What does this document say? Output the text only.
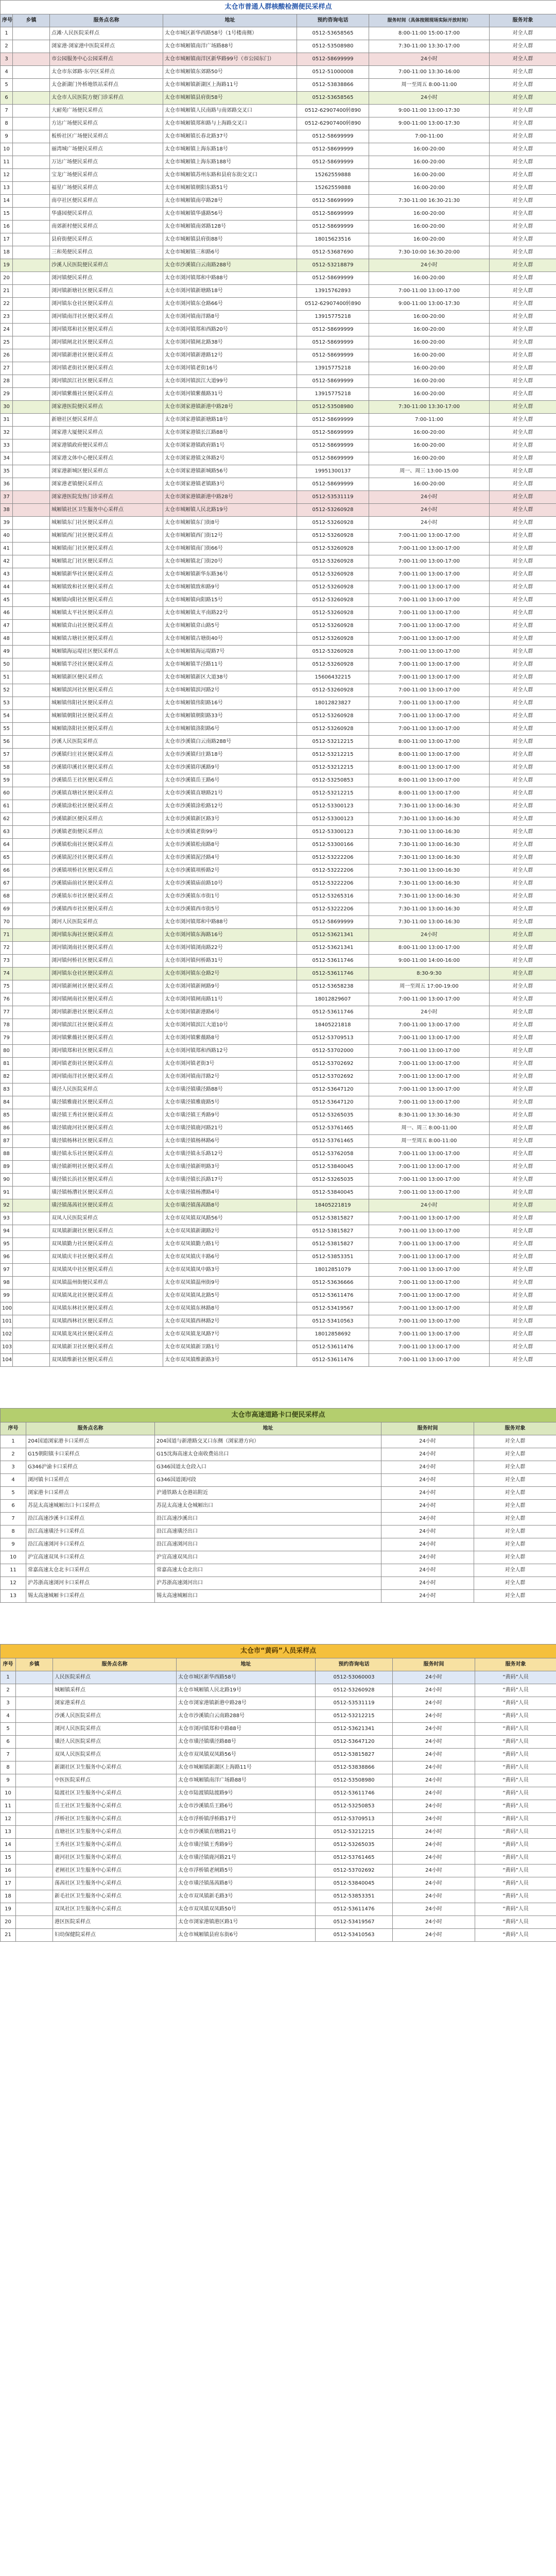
太仓市普通人群核酸检测便民采样点						
序号	乡镇	服务点名称	地址	预约咨询电话	服务时间（具体按照现场实际开放时间）	服务对象
1		点滩·人民医院采样点	太仓市城区新华西路58号（1号楼南侧）	0512-53658565	8:00-11:00 15:00-17:00	对全人群
2		浏家港·浏家港中医院采样点	太仓市城厢镇南洋广场路88号	0512-53508980	7:30-11:00 13:30-17:00	对全人群
3		市公园服务中心公园采样点	太仓市城厢镇南洋区新华路99号（市公园东门）	0512-58699999	24小时	对全人群
4		太仓市东郊路·东亭区采样点	太仓市城厢镇东郊路50号	0512-51000008	7:00-11:00 13:30-16:00	对全人群
5		太仓新湖门外桥地铁站采样点	太仓市城厢镇新湖区上海路11号	0512-53838866	周一至周五 8:00-11:00	对全人群
6		太仓市人民医院方便门诊采样点	太仓市城厢镇县府街58号	0512-53658565	24小时	对全人群
7		大耐苑广场便民采样点	太仓市城厢镇人民南路与南郊路交叉口	0512-62907400转890	9:00-11:00 13:00-17:30	对全人群
8		方达广场便民采样点	太仓市城厢镇郑和路与上海路交叉口	0512-62907400转890	9:00-11:00 13:00-17:30	对全人群
9		板桥社区广场便民采样点	太仓市城厢镇长春北路37号	0512-58699999	7:00-11:00	对全人群
10		丽湾城广场便民采样点	太仓市城厢镇上海东路18号	0512-58699999	16:00-20:00	对全人群
11		万达广场便民采样点	太仓市城厢镇上海东路188号	0512-58699999	16:00-20:00	对全人群
12		宝龙广场便民采样点	太仓市城厢镇苏州东路和县府东街交叉口	15262559888	16:00-20:00	对全人群
13		福星广场便民采样点	太仓市城厢镇朝阳东路51号	15262559888	16:00-20:00	对全人群
14		南亭社区便民采样点	太仓市城厢镇南亭路28号	0512-58699999	7:30-11:00 16:30-21:30	对全人群
15		华盛园便民采样点	太仓市城厢镇华盛路56号	0512-58699999	16:00-20:00	对全人群
16		南郊新村便民采样点	太仓市城厢镇南郊路128号	0512-58699999	16:00-20:00	对全人群
17		县府街便民采样点	太仓市城厢镇县府街88号	18015623516	16:00-20:00	对全人群
18		三和苑便民采样点	太仓市城厢镇三和路6号	0512-53687690	7:30-10:00 16:30-20:00	对全人群
19		沙溪人民医院便民采样点	太仓市沙溪镇白云南路288号	0512-53218879	24小时	对全人群
20		浏河镇便民采样点	太仓市浏河镇郑和中路88号	0512-58699999	16:00-20:00	对全人群
21		浏河镇新塘社区便民采样点	太仓市浏河镇新塘路18号	13915762893	7:00-11:00 13:00-17:00	对全人群
22		浏河镇东仓社区便民采样点	太仓市浏河镇东仓路66号	0512-62907400转890	9:00-11:00 13:00-17:30	对全人群
23		浏河镇南洋社区便民采样点	太仓市浏河镇南洋路8号	13915775218	16:00-20:00	对全人群
24		浏河镇郑和社区便民采样点	太仓市浏河镇郑和西路20号	0512-58699999	16:00-20:00	对全人群
25		浏河镇闸北社区便民采样点	太仓市浏河镇闸北路38号	0512-58699999	16:00-20:00	对全人群
26		浏河镇新港社区便民采样点	太仓市浏河镇新港路12号	0512-58699999	16:00-20:00	对全人群
27		浏河镇老街社区便民采样点	太仓市浏河镇老街16号	13915775218	16:00-20:00	对全人群
28		浏河镇滨江社区便民采样点	太仓市浏河镇滨江大道99号	0512-58699999	16:00-20:00	对全人群
29		浏河镇紫薇社区便民采样点	太仓市浏河镇紫薇路31号	13915775218	16:00-20:00	对全人群
30		浏家港医院便民采样点	太仓市浏家港镇新港中路28号	0512-53508980	7:30-11:00 13:30-17:00	对全人群
31		新塘社区便民采样点	太仓市浏家港镇新塘路18号	0512-58699999	7:00-11:00	对全人群
32		浏家港大厦便民采样点	太仓市浏家港镇长江路88号	0512-58699999	16:00-20:00	对全人群
33		浏家港镇政府便民采样点	太仓市浏家港镇政府路1号	0512-58699999	16:00-20:00	对全人群
34		浏家港文体中心便民采样点	太仓市浏家港镇文体路2号	0512-58699999	16:00-20:00	对全人群
35		浏家港新城区便民采样点	太仓市浏家港镇新城路56号	19951300137	周一、周三 13:00-15:00	对全人群
36		浏家港老镇便民采样点	太仓市浏家港镇老镇路3号	0512-58699999	16:00-20:00	对全人群
37		浏家港医院发热门诊采样点	太仓市浏家港镇新港中路28号	0512-53531119	24小时	对全人群
38		城厢镇社区卫生服务中心采样点	太仓市城厢镇人民北路19号	0512-53260928	24小时	对全人群
39		城厢镇东门社区便民采样点	太仓市城厢镇东门街8号	0512-53260928	24小时	对全人群
40		城厢镇西门社区便民采样点	太仓市城厢镇西门街12号	0512-53260928	7:00-11:00 13:00-17:00	对全人群
41		城厢镇南门社区便民采样点	太仓市城厢镇南门街66号	0512-53260928	7:00-11:00 13:00-17:00	对全人群
42		城厢镇北门社区便民采样点	太仓市城厢镇北门街20号	0512-53260928	7:00-11:00 13:00-17:00	对全人群
43		城厢镇新华社区便民采样点	太仓市城厢镇新华东路36号	0512-53260928	7:00-11:00 13:00-17:00	对全人群
44		城厢镇致和社区便民采样点	太仓市城厢镇致和路9号	0512-53260928	7:00-11:00 13:00-17:00	对全人群
45		城厢镇向阳社区便民采样点	太仓市城厢镇向阳路15号	0512-53260928	7:00-11:00 13:00-17:00	对全人群
46		城厢镇太平社区便民采样点	太仓市城厢镇太平南路22号	0512-53260928	7:00-11:00 13:00-17:00	对全人群
47		城厢镇弇山社区便民采样点	太仓市城厢镇弇山路5号	0512-53260928	7:00-11:00 13:00-17:00	对全人群
48		城厢镇古塘社区便民采样点	太仓市城厢镇古塘街40号	0512-53260928	7:00-11:00 13:00-17:00	对全人群
49		城厢镇海运堤社区便民采样点	太仓市城厢镇海运堤路7号	0512-53260928	7:00-11:00 13:00-17:00	对全人群
50		城厢镇半泾社区便民采样点	太仓市城厢镇半泾路11号	0512-53260928	7:00-11:00 13:00-17:00	对全人群
51		城厢镇新区便民采样点	太仓市城厢镇新区大道38号	15606432215	7:00-11:00 13:00-17:00	对全人群
52		城厢镇滨河社区便民采样点	太仓市城厢镇滨河路2号	0512-53260928	7:00-11:00 13:00-17:00	对全人群
53		城厢镇伟阳社区便民采样点	太仓市城厢镇伟阳路16号	18012823827	7:00-11:00 13:00-17:00	对全人群
54		城厢镇朝阳社区便民采样点	太仓市城厢镇朝阳路33号	0512-53260928	7:00-11:00 13:00-17:00	对全人群
55		城厢镇洛阳社区便民采样点	太仓市城厢镇洛阳路6号	0512-53260928	7:00-11:00 13:00-17:00	对全人群
56		沙溪人民医院采样点	太仓市沙溪镇白云南路288号	0512-53212215	8:00-11:00 13:00-17:00	对全人群
57		沙溪镇归庄社区便民采样点	太仓市沙溪镇归庄路18号	0512-53212215	8:00-11:00 13:00-17:00	对全人群
58		沙溪镇印溪社区便民采样点	太仓市沙溪镇印溪路9号	0512-53212215	8:00-11:00 13:00-17:00	对全人群
59		沙溪镇岳王社区便民采样点	太仓市沙溪镇岳王路6号	0512-53250853	8:00-11:00 13:00-17:00	对全人群
60		沙溪镇直塘社区便民采样点	太仓市沙溪镇直塘路21号	0512-53212215	8:00-11:00 13:00-17:00	对全人群
61		沙溪镇涂松社区便民采样点	太仓市沙溪镇涂松路12号	0512-53300123	7:30-11:00 13:00-16:30	对全人群
62		沙溪镇新区便民采样点	太仓市沙溪镇新区路3号	0512-53300123	7:30-11:00 13:00-16:30	对全人群
63		沙溪镇老街便民采样点	太仓市沙溪镇老街99号	0512-53300123	7:30-11:00 13:00-16:30	对全人群
64		沙溪镇松南社区便民采样点	太仓市沙溪镇松南路8号	0512-53300166	7:30-11:00 13:00-16:30	对全人群
65		沙溪镇泥泾社区便民采样点	太仓市沙溪镇泥泾路4号	0512-53222206	7:30-11:00 13:00-16:30	对全人群
66		沙溪镇项桥社区便民采样点	太仓市沙溪镇项桥路2号	0512-53222206	7:30-11:00 13:00-16:30	对全人群
67		沙溪镇庙前社区便民采样点	太仓市沙溪镇庙前路10号	0512-53222206	7:30-11:00 13:00-16:30	对全人群
68		沙溪镇东市社区便民采样点	太仓市沙溪镇东市街1号	0512-53265316	7:30-11:00 13:00-16:30	对全人群
69		沙溪镇西市社区便民采样点	太仓市沙溪镇西市街5号	0512-53222206	7:30-11:00 13:00-16:30	对全人群
70		浏河人民医院采样点	太仓市浏河镇郑和中路88号	0512-58699999	7:30-11:00 13:00-16:30	对全人群
71		浏河镇东海社区便民采样点	太仓市浏河镇东海路16号	0512-53621341	24小时	对全人群
72		浏河镇浏南社区便民采样点	太仓市浏河镇浏南路22号	0512-53621341	8:00-11:00 13:00-17:00	对全人群
73		浏河镇何桥社区便民采样点	太仓市浏河镇何桥路31号	0512-53611746	9:00-11:00 14:00-16:00	对全人群
74		浏河镇东仓社区便民采样点	太仓市浏河镇东仓路2号	0512-53611746	8:30-9:30	对全人群
75		浏河镇新闸社区便民采样点	太仓市浏河镇新闸路9号	0512-53658238	周一至周五 17:00-19:00	对全人群
76		浏河镇闸南社区便民采样点	太仓市浏河镇闸南路11号	18012829607	7:00-11:00 13:00-17:00	对全人群
77		浏河镇新港社区便民采样点	太仓市浏河镇新港路6号	0512-53611746	24小时	对全人群
78		浏河镇滨江社区便民采样点	太仓市浏河镇滨江大道10号	18405221818	7:00-11:00 13:00-17:00	对全人群
79		浏河镇紫薇社区便民采样点	太仓市浏河镇紫薇路8号	0512-53709513	7:00-11:00 13:00-17:00	对全人群
80		浏河镇郑和社区便民采样点	太仓市浏河镇郑和西路12号	0512-53702000	7:00-11:00 13:00-17:00	对全人群
81		浏河镇老街社区便民采样点	太仓市浏河镇老街3号	0512-53702692	7:00-11:00 13:00-17:00	对全人群
82		浏河镇南洋社区便民采样点	太仓市浏河镇南洋路2号	0512-53702692	7:00-11:00 13:00-17:00	对全人群
83		璜泾人民医院采样点	太仓市璜泾镇璜泾路88号	0512-53647120	7:00-11:00 13:00-17:00	对全人群
84		璜泾镇雅鹿社区便民采样点	太仓市璜泾镇雅鹿路5号	0512-53647120	7:00-11:00 13:00-17:00	对全人群
85		璜泾镇王秀社区便民采样点	太仓市璜泾镇王秀路9号	0512-53265035	8:30-11:00 13:30-16:30	对全人群
86		璜泾镇鹿河社区便民采样点	太仓市璜泾镇鹿河路21号	0512-53761465	周一、周三 8:00-11:00	对全人群
87		璜泾镇杨林社区便民采样点	太仓市璜泾镇杨林路6号	0512-53761465	周一至周五 8:00-11:00	对全人群
88		璜泾镇永乐社区便民采样点	太仓市璜泾镇永乐路12号	0512-53762058	7:00-11:00 13:00-17:00	对全人群
89		璜泾镇新明社区便民采样点	太仓市璜泾镇新明路3号	0512-53840045	7:00-11:00 13:00-17:00	对全人群
90		璜泾镇长浜社区便民采样点	太仓市璜泾镇长浜路17号	0512-53265035	7:00-11:00 13:00-17:00	对全人群
91		璜泾镇杨漕社区便民采样点	太仓市璜泾镇杨漕路4号	0512-53840045	7:00-11:00 13:00-17:00	对全人群
92		璜泾镇荡茜社区便民采样点	太仓市璜泾镇荡茜路8号	18405221819	24小时	对全人群
93		双凤人民医院采样点	太仓市双凤镇双凤路56号	0512-53815827	7:00-11:00 13:00-17:00	对全人群
94		双凤镇新湖社区便民采样点	太仓市双凤镇新湖路2号	0512-53815827	7:00-11:00 13:00-17:00	对全人群
95		双凤镇勤力社区便民采样点	太仓市双凤镇勤力路1号	0512-53815827	7:00-11:00 13:00-17:00	对全人群
96		双凤镇庆丰社区便民采样点	太仓市双凤镇庆丰路6号	0512-53853351	7:00-11:00 13:00-17:00	对全人群
97		双凤镇凤中社区便民采样点	太仓市双凤镇凤中路3号	18012851079	7:00-11:00 13:00-17:00	对全人群
98		双凤镇温州街便民采样点	太仓市双凤镇温州街9号	0512-53636666	7:00-11:00 13:00-17:00	对全人群
99		双凤镇凤北社区便民采样点	太仓市双凤镇凤北路5号	0512-53611476	7:00-11:00 13:00-17:00	对全人群
100		双凤镇东林社区便民采样点	太仓市双凤镇东林路8号	0512-53419567	7:00-11:00 13:00-17:00	对全人群
101		双凤镇西林社区便民采样点	太仓市双凤镇西林路2号	0512-53410563	7:00-11:00 13:00-17:00	对全人群
102		双凤镇龙凤社区便民采样点	太仓市双凤镇龙凤路7号	18012858692	7:00-11:00 13:00-17:00	对全人群
103		双凤镇新卫社区便民采样点	太仓市双凤镇新卫路1号	0512-53611476	7:00-11:00 13:00-17:00	对全人群
104		双凤镇维新社区便民采样点	太仓市双凤镇维新路3号	0512-53611476	7:00-11:00 13:00-17:00	对全人群
太仓市高速道路卡口便民采样点				
序号	服务点名称	地址	服务时间	服务对象
1	204国道浏家港卡口采样点	204国道与新港路交叉口东侧（浏家港方向）	24小时	对全人群
2	G15朝阳镇卡口采样点	G15沈海高速太仓南收费站出口	24小时	对全人群
3	G346沪渝卡口采样点	G346国道太仓段入口	24小时	对全人群
4	浏河镇卡口采样点	G346国道浏河段	24小时	对全人群
5	浏家港卡口采样点	沪通铁路太仓港站附近	24小时	对全人群
6	苏昆太高速城厢出口卡口采样点	苏昆太高速太仓城厢出口	24小时	对全人群
7	沿江高速沙溪卡口采样点	沿江高速沙溪出口	24小时	对全人群
8	沿江高速璜泾卡口采样点	沿江高速璜泾出口	24小时	对全人群
9	沿江高速浏河卡口采样点	沿江高速浏河出口	24小时	对全人群
10	沪宜高速双凤卡口采样点	沪宜高速双凤出口	24小时	对全人群
11	常嘉高速太仓北卡口采样点	常嘉高速太仓北出口	24小时	对全人群
12	沪苏浙高速浏河卡口采样点	沪苏浙高速浏河出口	24小时	对全人群
13	锡太高速城厢卡口采样点	锡太高速城厢出口	24小时	对全人群
太仓市“黄码”人员采样点						
序号	乡镇	服务点名称	地址	预约咨询电话	服务时间	服务对象
1		人民医院采样点	太仓市城区新华西路58号	0512-53060003	24小时	“黄码”人员
2		城厢镇采样点	太仓市城厢镇人民北路19号	0512-53260928	24小时	“黄码”人员
3		浏家港采样点	太仓市浏家港镇新港中路28号	0512-53531119	24小时	“黄码”人员
4		沙溪人民医院采样点	太仓市沙溪镇白云南路288号	0512-53212215	24小时	“黄码”人员
5		浏河人民医院采样点	太仓市浏河镇郑和中路88号	0512-53621341	24小时	“黄码”人员
6		璜泾人民医院采样点	太仓市璜泾镇璜泾路88号	0512-53647120	24小时	“黄码”人员
7		双凤人民医院采样点	太仓市双凤镇双凤路56号	0512-53815827	24小时	“黄码”人员
8		新湖社区卫生服务中心采样点	太仓市城厢镇新湖区上海路11号	0512-53838866	24小时	“黄码”人员
9		中医医院采样点	太仓市城厢镇南洋广场路88号	0512-53508980	24小时	“黄码”人员
10		陆渡社区卫生服务中心采样点	太仓市陆渡镇陆渡路9号	0512-53611746	24小时	“黄码”人员
11		岳王社区卫生服务中心采样点	太仓市沙溪镇岳王路6号	0512-53250853	24小时	“黄码”人员
12		浮桥社区卫生服务中心采样点	太仓市浮桥镇浮桥路17号	0512-53709513	24小时	“黄码”人员
13		直塘社区卫生服务中心采样点	太仓市沙溪镇直塘路21号	0512-53212215	24小时	“黄码”人员
14		王秀社区卫生服务中心采样点	太仓市璜泾镇王秀路9号	0512-53265035	24小时	“黄码”人员
15		鹿河社区卫生服务中心采样点	太仓市璜泾镇鹿河路21号	0512-53761465	24小时	“黄码”人员
16		老闸社区卫生服务中心采样点	太仓市浮桥镇老闸路5号	0512-53702692	24小时	“黄码”人员
17		荡茜社区卫生服务中心采样点	太仓市璜泾镇荡茜路8号	0512-53840045	24小时	“黄码”人员
18		新毛社区卫生服务中心采样点	太仓市双凤镇新毛路3号	0512-53853351	24小时	“黄码”人员
19		双凤社区卫生服务中心采样点	太仓市双凤镇双凤路50号	0512-53611476	24小时	“黄码”人员
20		港区医院采样点	太仓市浏家港镇港区路1号	0512-53419567	24小时	“黄码”人员
21		妇幼保健院采样点	太仓市城厢镇县府东街6号	0512-53410563	24小时	“黄码”人员
